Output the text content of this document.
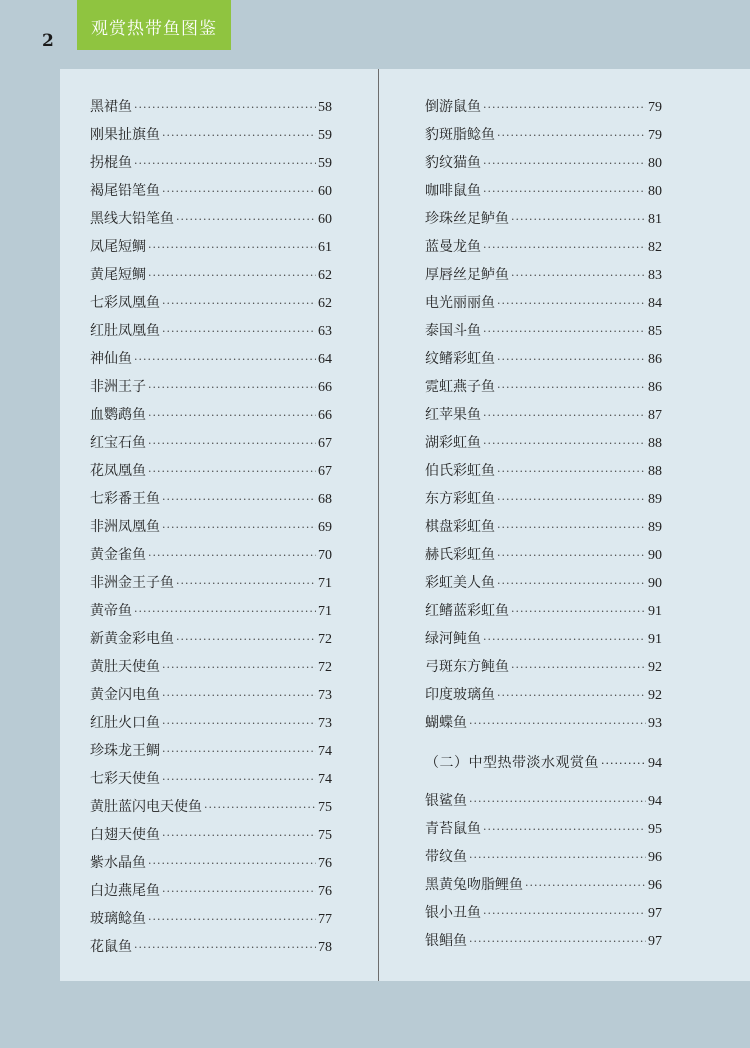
2
观赏热带鱼图鉴
黑裙鱼 ·····	58
刚果扯旗鱼 ·····	59
拐棍鱼 ·····	59
褐尾铅笔鱼 ·····	60
黑线大铅笔鱼 ·····	60
凤尾短鲷 ·····	61
黄尾短鲷 ·····	62
七彩凤凰鱼 ·····	62
红肚凤凰鱼 ·····	63
神仙鱼 ·····	64
非洲王子 ·····	66
血鹦鹉鱼 ·····	66
红宝石鱼 ·····	67
花凤凰鱼 ·····	67
七彩番王鱼 ·····	68
非洲凤凰鱼 ·····	69
黄金雀鱼 ·····	70
非洲金王子鱼 ·····	71
黄帝鱼 ·····	71
新黄金彩电鱼 ·····	72
黄肚天使鱼 ·····	72
黄金闪电鱼 ·····	73
红肚火口鱼 ·····	73
珍珠龙王鲷 ·····	74
七彩天使鱼 ·····	74
黄肚蓝闪电天使鱼 ·····	75
白翅天使鱼 ·····	75
紫水晶鱼 ·····	76
白边燕尾鱼 ·····	76
玻璃鲶鱼 ·····	77
花鼠鱼 ·····	78
倒游鼠鱼 ·····	79
豹斑脂鲶鱼 ·····	79
豹纹猫鱼 ·····	80
咖啡鼠鱼 ·····	80
珍珠丝足鲈鱼 ·····	81
蓝曼龙鱼 ·····	82
厚唇丝足鲈鱼 ·····	83
电光丽丽鱼 ·····	84
泰国斗鱼 ·····	85
纹鳍彩虹鱼 ·····	86
霓虹燕子鱼 ·····	86
红苹果鱼 ·····	87
湖彩虹鱼 ·····	88
伯氏彩虹鱼 ·····	88
东方彩虹鱼 ·····	89
棋盘彩虹鱼 ·····	89
赫氏彩虹鱼 ·····	90
彩虹美人鱼 ·····	90
红鳍蓝彩虹鱼 ·····	91
绿河鲀鱼 ·····	91
弓斑东方鲀鱼 ·····	92
印度玻璃鱼 ·····	92
蝴蝶鱼 ·····	93
（二）中型热带淡水观赏鱼 ·····	94
银鲨鱼 ·····	94
青苔鼠鱼 ·····	95
带纹鱼 ·····	96
黑黄兔吻脂鲤鱼 ·····	96
银小丑鱼 ·····	97
银鲳鱼 ·····	97
